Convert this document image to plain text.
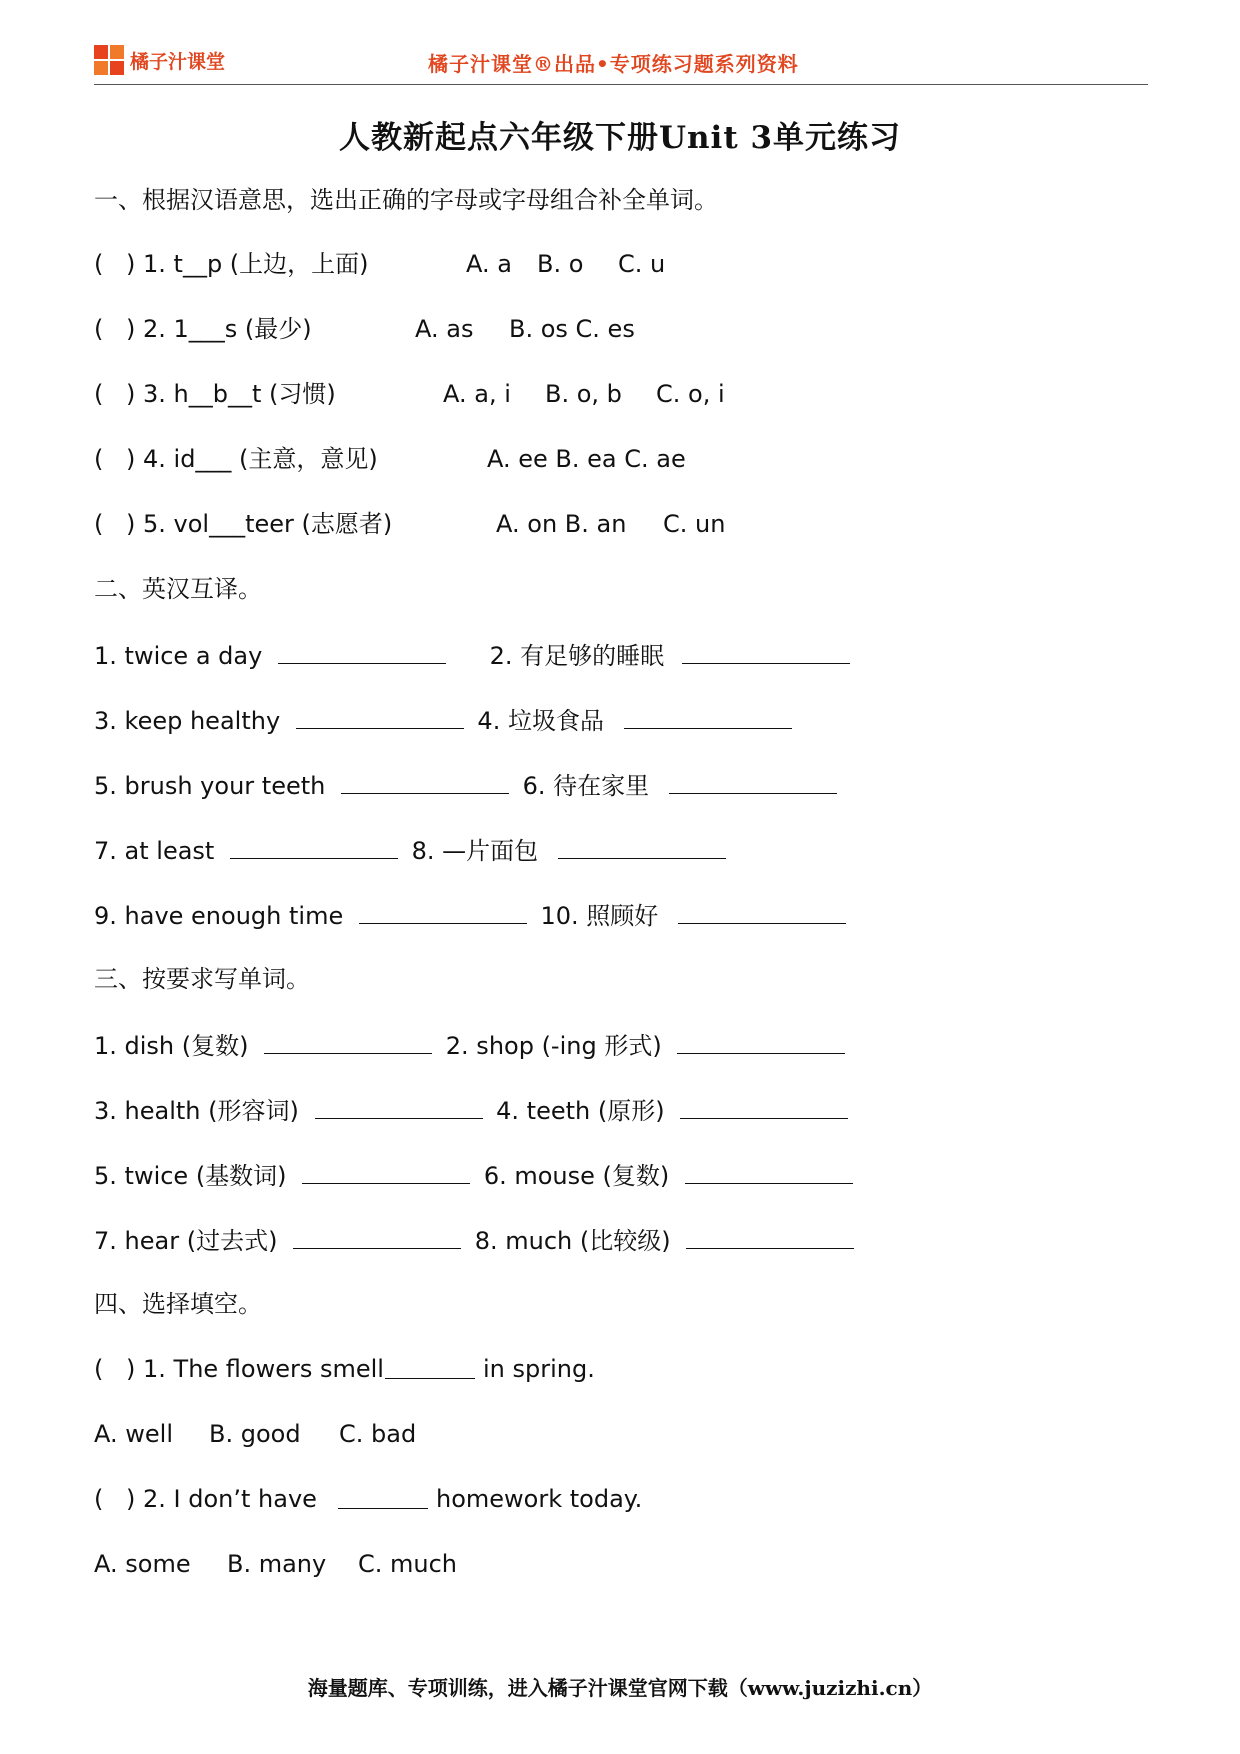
橘子汁课堂	橘子汁课堂®出品•专项练习题系列资料
人教新起点六年级下册Unit 3单元练习
一、根据汉语意思，选出正确的字母或字母组合补全单词。
( ) 1. t__p (上边，上面)	A. a B. o C. u
( ) 2. 1___s (最少)	A. as B. os C. es
( ) 3. h__b__t (习惯)	A. a, i B. o, b C. o, i
( ) 4. id___ (主意，意见)	A. ee B. ea C. ae
( ) 5. vol___teer (志愿者)	A. on B. an C. un
二、英汉互译。
1. twice a day	2. 有足够的睡眠
3. keep healthy	4. 垃圾食品
5. brush your teeth	6. 待在家里
7. at least	8. —片面包
9. have enough time	10. 照顾好
三、按要求写单词。
1. dish (复数)	2. shop (-ing 形式)
3. health (形容词)	4. teeth (原形)
5. twice (基数词)	6. mouse (复数)
7. hear (过去式)	8. much (比较级)
四、选择填空。
( ) 1. The flowers smell	in spring.
A. well B. good C. bad
( ) 2. I don’t have	homework today.
A. some B. many C. much
海量题库、专项训练，进入橘子汁课堂官网下载（www.juzizhi.cn）
